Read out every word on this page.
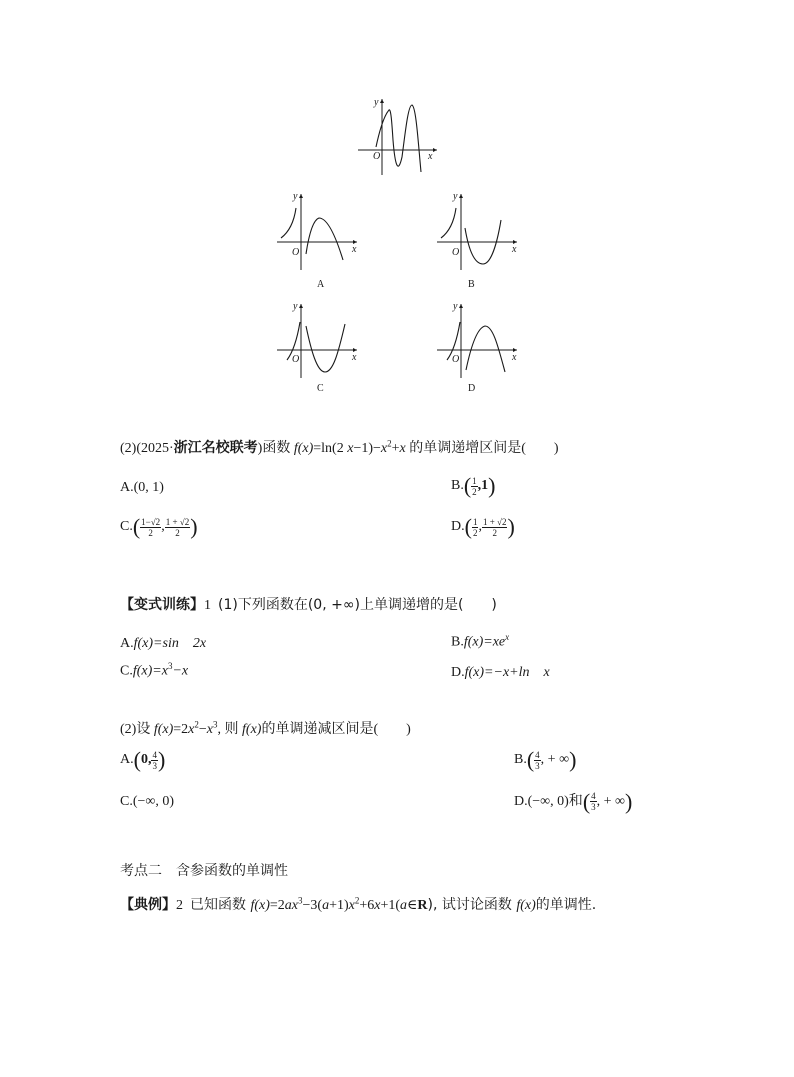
y
x
O
y
x
O
A
y
x
O
B
y
x
O
C
y
x
O
D
(2)(2025·浙江名校联考)函数 f(x)=ln(2 $x-1)-x^2+x$ 的单调递增区间是(　　)
A.(0, 1)	$B.( \frac{1}{2} ,1)$
$C.( \frac{1-√2}{2}$ , $\frac{1 + √2}{2}$ )	$D.( \frac{1}{2}$ , $\frac{1 + √2}{2}$ )
【变式训练】1 (1)下列函数在(0, +∞)上单调递增的是(　　)
A.f(x)=sin　2x	$B.f(x)=xe^x$
$C.f(x)=x^3-x$	D.f(x)=−x+ln　x
(2)设 $f(x)=2x^2-x^3$, 则 f(x)的单调递减区间是(　　)
A.(0, $\frac{4}{3}$ )	$B.( \frac{4}{3}$ , + ∞)
C.(−∞, 0)	D.(−∞, 0)和( $\frac{4}{3}$ , + ∞)
考点二　含参函数的单调性
【典例】2 已知函数 $f(x)=2ax^3-3(a+1)x^2+6x+1(a\in R)$, 试讨论函数 f(x)的单调性.
